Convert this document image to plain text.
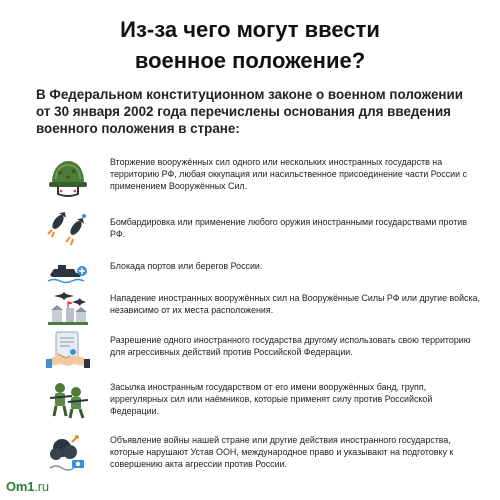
Из-за чего могут ввести
военное положение?
В Федеральном конституционном законе о военном положении от 30 января 2002 года перечислены основания для введения военного положения в стране:
Вторжение вооружённых сил одного или нескольких иностранных государств на территорию РФ, любая оккупация или насильственное присоединение части России с применением Вооружённых Сил.
Бомбардировка или применение любого оружия иностранными государствами против РФ.
Блокада портов или берегов России.
Нападение иностранных вооружённых сил на Вооружённые Силы РФ или другие войска, независимо от их места расположения.
Разрешение одного иностранного государства другому использовать свою территорию для агрессивных действий против Российской Федерации.
Засылка иностранным государством от его имени вооружённых банд, групп, иррегулярных сил или наёмников, которые применят силу против Российской Федерации.
Объявление войны нашей стране или другие действия иностранного государства, которые нарушают Устав ООН, международное право и указывают на подготовку к совершению акта агрессии против России.
Om1.ru
